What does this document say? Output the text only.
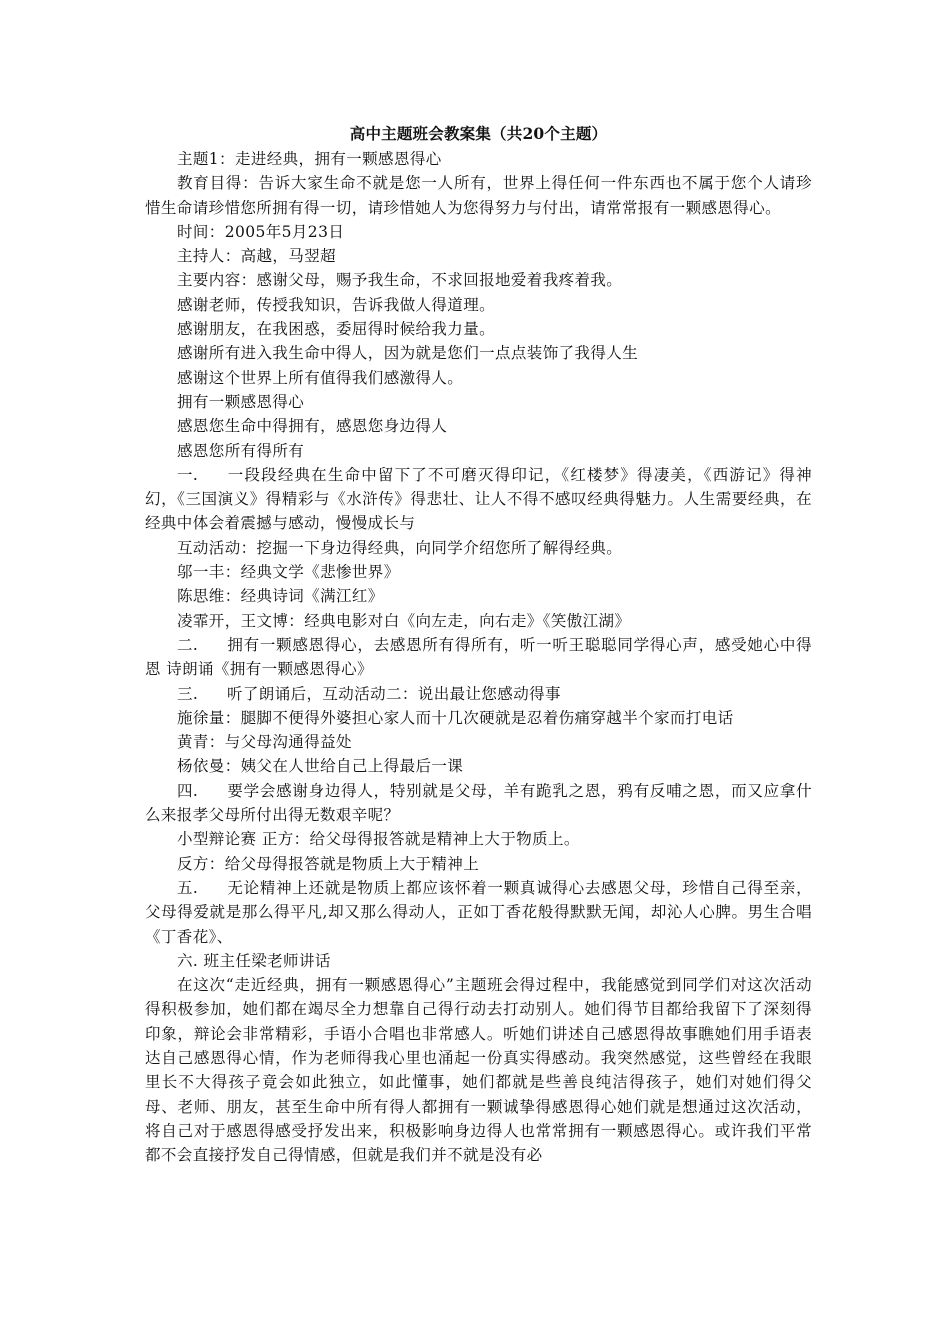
高中主题班会教案集（共20个主题）
主题1：走进经典，拥有一颗感恩得心
教育目得：告诉大家生命不就是您一人所有，世界上得任何一件东西也不属于您个人请珍惜生命请珍惜您所拥有得一切，请珍惜她人为您得努力与付出，请常常报有一颗感恩得心。
时间：2005年5月23日
主持人：高越，马翌超
主要内容：感谢父母，赐予我生命，不求回报地爱着我疼着我。
感谢老师，传授我知识，告诉我做人得道理。
感谢朋友，在我困惑，委屈得时候给我力量。
感谢所有进入我生命中得人，因为就是您们一点点装饰了我得人生
感谢这个世界上所有值得我们感激得人。
拥有一颗感恩得心
感恩您生命中得拥有，感恩您身边得人
感恩您所有得所有
一. 一段段经典在生命中留下了不可磨灭得印记，《红楼梦》得凄美，《西游记》得神幻，《三国演义》得精彩与《水浒传》得悲壮、让人不得不感叹经典得魅力。人生需要经典，在经典中体会着震撼与感动，慢慢成长与
互动活动：挖掘一下身边得经典，向同学介绍您所了解得经典。
邬一丰：经典文学《悲惨世界》
陈思维：经典诗词《满江红》
凌霏开，王文博：经典电影对白《向左走，向右走》《笑傲江湖》
二. 拥有一颗感恩得心，去感恩所有得所有，听一听王聪聪同学得心声，感受她心中得恩 诗朗诵《拥有一颗感恩得心》
三. 听了朗诵后，互动活动二：说出最让您感动得事
施徐量：腿脚不便得外婆担心家人而十几次硬就是忍着伤痛穿越半个家而打电话
黄青：与父母沟通得益处
杨依曼：姨父在人世给自己上得最后一课
四. 要学会感谢身边得人，特别就是父母，羊有跪乳之恩，鸦有反哺之恩，而又应拿什么来报孝父母所付出得无数艰辛呢？
小型辩论赛 正方：给父母得报答就是精神上大于物质上。
反方：给父母得报答就是物质上大于精神上
五. 无论精神上还就是物质上都应该怀着一颗真诚得心去感恩父母，珍惜自己得至亲，父母得爱就是那么得平凡,却又那么得动人，正如丁香花般得默默无闻，却沁人心脾。男生合唱《丁香花》、
六. 班主任梁老师讲话
在这次“走近经典，拥有一颗感恩得心”主题班会得过程中，我能感觉到同学们对这次活动得积极参加，她们都在竭尽全力想靠自己得行动去打动别人。她们得节目都给我留下了深刻得印象，辩论会非常精彩，手语小合唱也非常感人。听她们讲述自己感恩得故事瞧她们用手语表达自己感恩得心情，作为老师得我心里也涌起一份真实得感动。我突然感觉，这些曾经在我眼里长不大得孩子竟会如此独立，如此懂事，她们都就是些善良纯洁得孩子，她们对她们得父母、老师、朋友，甚至生命中所有得人都拥有一颗诚挚得感恩得心她们就是想通过这次活动，将自己对于感恩得感受抒发出来，积极影响身边得人也常常拥有一颗感恩得心。或许我们平常都不会直接抒发自己得情感，但就是我们并不就是没有必
